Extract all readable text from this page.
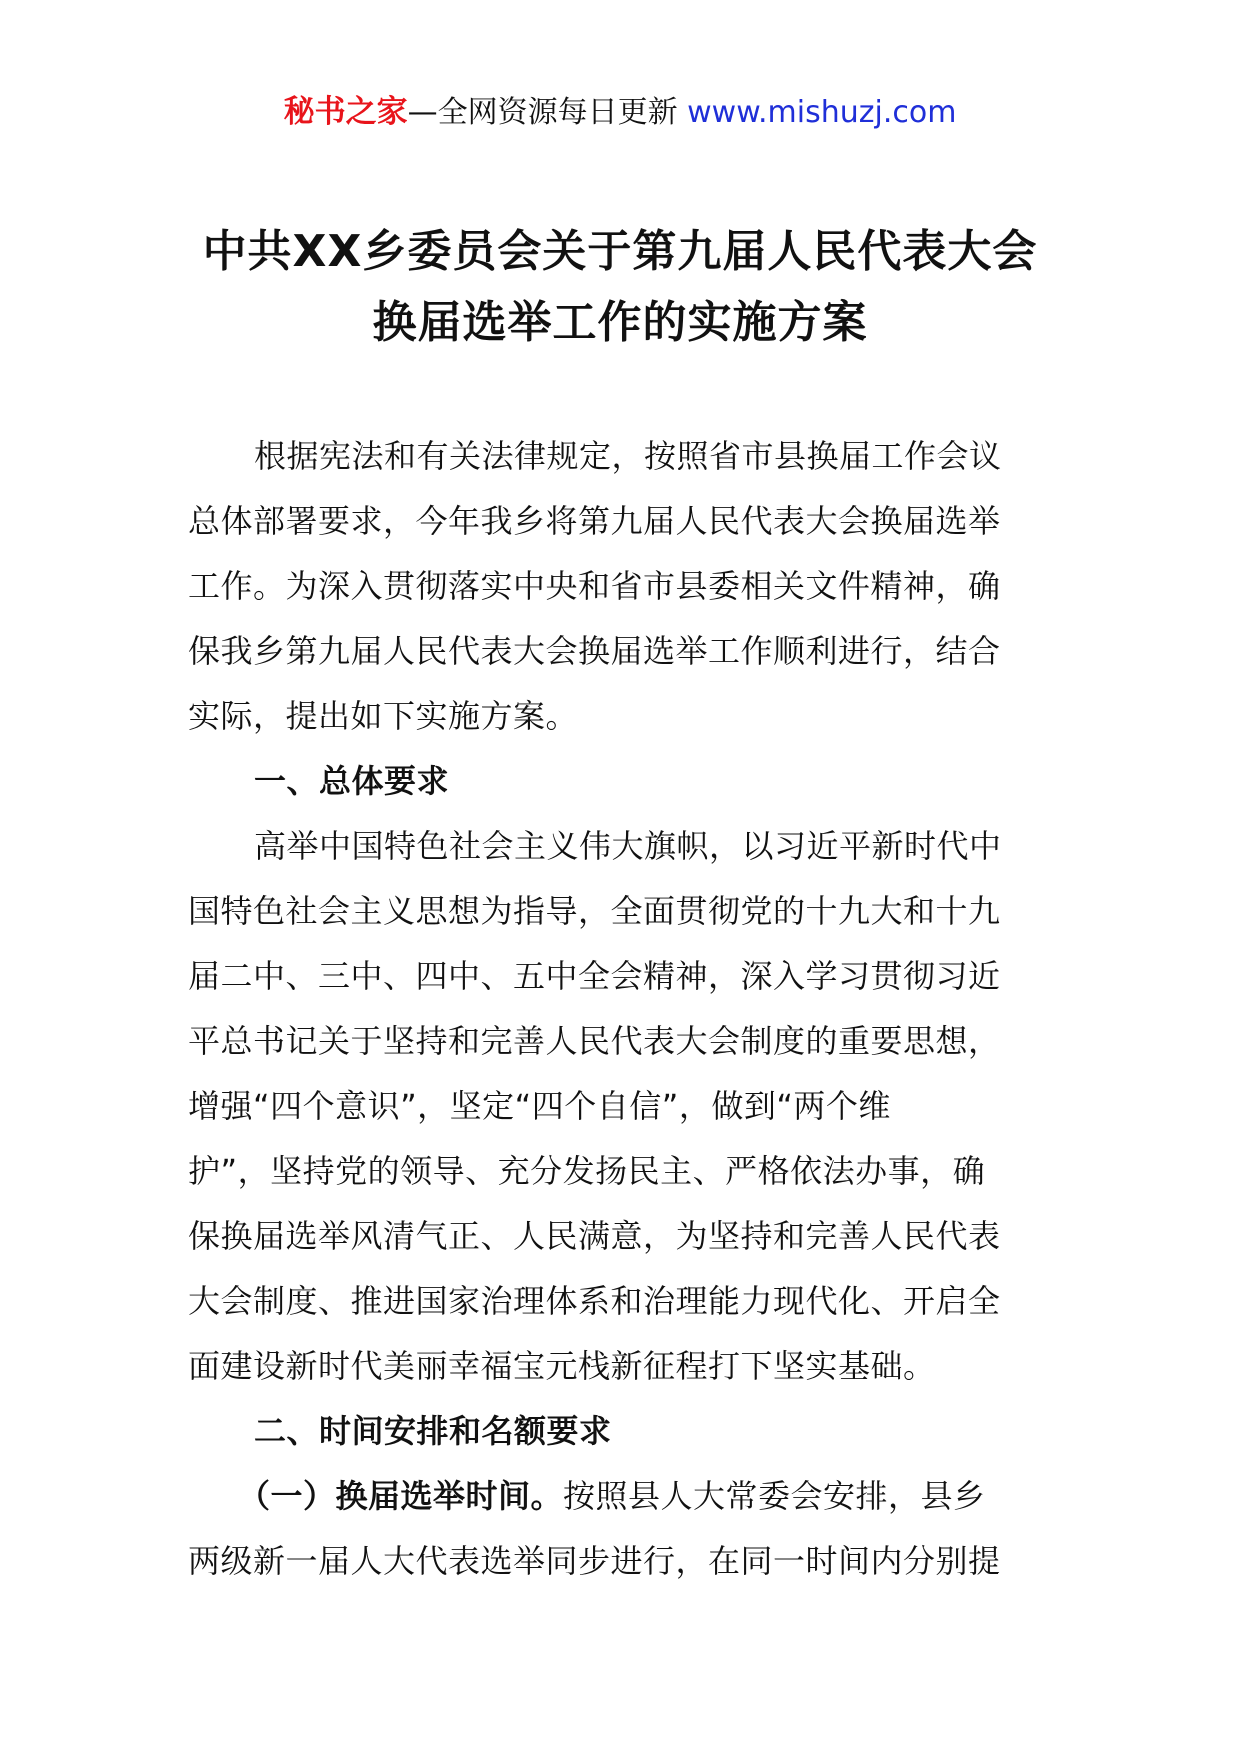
秘书之家—全网资源每日更新 www.mishuzj.com
中共XX乡委员会关于第九届人民代表大会
换届选举工作的实施方案
根据宪法和有关法律规定，按照省市县换届工作会议
总体部署要求，今年我乡将第九届人民代表大会换届选举
工作。为深入贯彻落实中央和省市县委相关文件精神，确
保我乡第九届人民代表大会换届选举工作顺利进行，结合
实际，提出如下实施方案。
一、总体要求
高举中国特色社会主义伟大旗帜，以习近平新时代中
国特色社会主义思想为指导，全面贯彻党的十九大和十九
届二中、三中、四中、五中全会精神，深入学习贯彻习近
平总书记关于坚持和完善人民代表大会制度的重要思想，
增强“四个意识”，坚定“四个自信”，做到“两个维
护”，坚持党的领导、充分发扬民主、严格依法办事，确
保换届选举风清气正、人民满意，为坚持和完善人民代表
大会制度、推进国家治理体系和治理能力现代化、开启全
面建设新时代美丽幸福宝元栈新征程打下坚实基础。
二、时间安排和名额要求
（一）换届选举时间。按照县人大常委会安排，县乡
两级新一届人大代表选举同步进行，在同一时间内分别提
